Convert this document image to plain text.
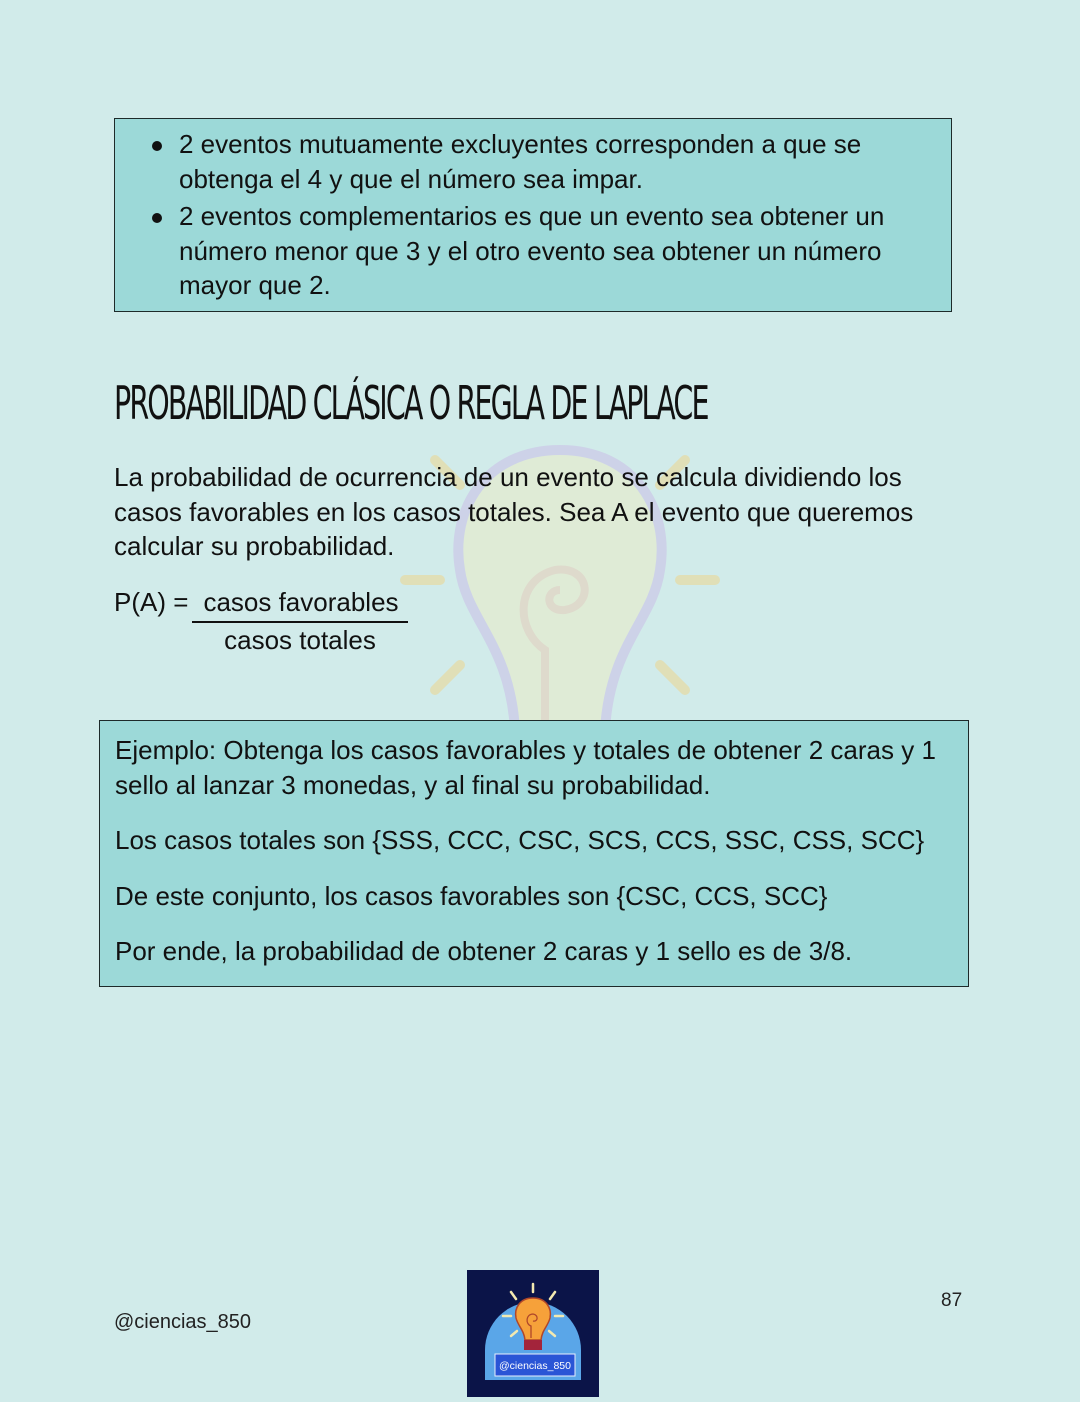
2 eventos mutuamente excluyentes corresponden a que se obtenga el 4 y que el número sea impar.
2 eventos complementarios es que un evento sea obtener un número menor que 3 y el otro evento sea obtener un número mayor que 2.
PROBABILIDAD CLÁSICA O REGLA DE LAPLACE

La probabilidad de ocurrencia de un evento se calcula dividiendo los casos favorables en los casos totales. Sea A el evento que queremos calcular su probabilidad.

P(A) = casos favorables
casos totales

Ejemplo: Obtenga los casos favorables y totales de obtener 2 caras y 1 sello al lanzar 3 monedas, y al final su probabilidad.

Los casos totales son {SSS, CCC, CSC, SCS, CCS, SSC, CSS, SCC}

De este conjunto, los casos favorables son {CSC, CCS, SCC}

Por ende, la probabilidad de obtener 2 caras y 1 sello es de 3/8.

@ciencias_850
@ciencias_850
87
